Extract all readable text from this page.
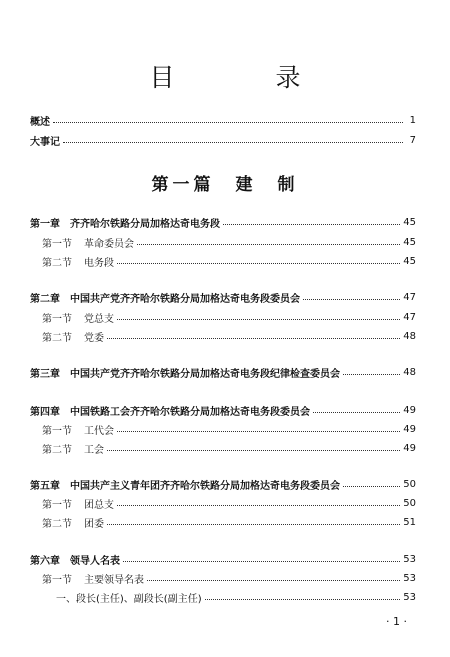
目　录
概述	1
大事记	7
第一篇　建　制
第一章	齐齐哈尔铁路分局加格达奇电务段	45
第一节	革命委员会	45
第二节	电务段	45
第二章	中国共产党齐齐哈尔铁路分局加格达奇电务段委员会	47
第一节	党总支	47
第二节	党委	48
第三章	中国共产党齐齐哈尔铁路分局加格达奇电务段纪律检查委员会	48
第四章	中国铁路工会齐齐哈尔铁路分局加格达奇电务段委员会	49
第一节	工代会	49
第二节	工会	49
第五章	中国共产主义青年团齐齐哈尔铁路分局加格达奇电务段委员会	50
第一节	团总支	50
第二节	团委	51
第六章	领导人名表	53
第一节	主要领导名表	53
一、段长(主任)、副段长(副主任)	53
· 1 ·
